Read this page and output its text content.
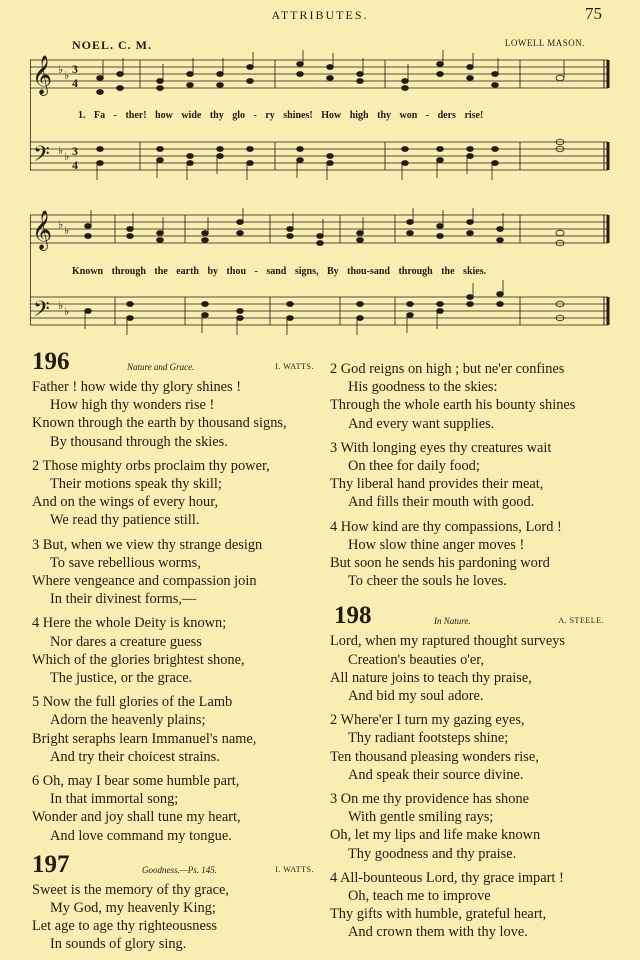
ATTRIBUTES.	75
NOEL. C. M.	LOWELL MASON.
𝄞
𝄢
♭ ♭
♭ ♭
3
4
3
4
1. Fa - ther! how wide thy glo - ry shines! How high thy won - ders rise!
𝄞
𝄢
♭ ♭
♭ ♭
Known through the earth by thou - sand signs, By thou-sand through the skies.
196	Nature and Grace.	I. WATTS.
Father ! how wide thy glory shines !
How high thy wonders rise !
Known through the earth by thousand signs,
By thousand through the skies.
2 Those mighty orbs proclaim thy power,
Their motions speak thy skill;
And on the wings of every hour,
We read thy patience still.
3 But, when we view thy strange design
To save rebellious worms,
Where vengeance and compassion join
In their divinest forms,—
4 Here the whole Deity is known;
Nor dares a creature guess
Which of the glories brightest shone,
The justice, or the grace.
5 Now the full glories of the Lamb
Adorn the heavenly plains;
Bright seraphs learn Immanuel's name,
And try their choicest strains.
6 Oh, may I bear some humble part,
In that immortal song;
Wonder and joy shall tune my heart,
And love command my tongue.
197	Goodness.—Ps. 145.	I. WATTS.
Sweet is the memory of thy grace,
My God, my heavenly King;
Let age to age thy righteousness
In sounds of glory sing.
2 God reigns on high ; but ne'er confines
His goodness to the skies:
Through the whole earth his bounty shines
And every want supplies.
3 With longing eyes thy creatures wait
On thee for daily food;
Thy liberal hand provides their meat,
And fills their mouth with good.
4 How kind are thy compassions, Lord !
How slow thine anger moves !
But soon he sends his pardoning word
To cheer the souls he loves.
198	In Nature.	A. STEELE.
Lord, when my raptured thought surveys
Creation's beauties o'er,
All nature joins to teach thy praise,
And bid my soul adore.
2 Where'er I turn my gazing eyes,
Thy radiant footsteps shine;
Ten thousand pleasing wonders rise,
And speak their source divine.
3 On me thy providence has shone
With gentle smiling rays;
Oh, let my lips and life make known
Thy goodness and thy praise.
4 All-bounteous Lord, thy grace impart !
Oh, teach me to improve
Thy gifts with humble, grateful heart,
And crown them with thy love.
